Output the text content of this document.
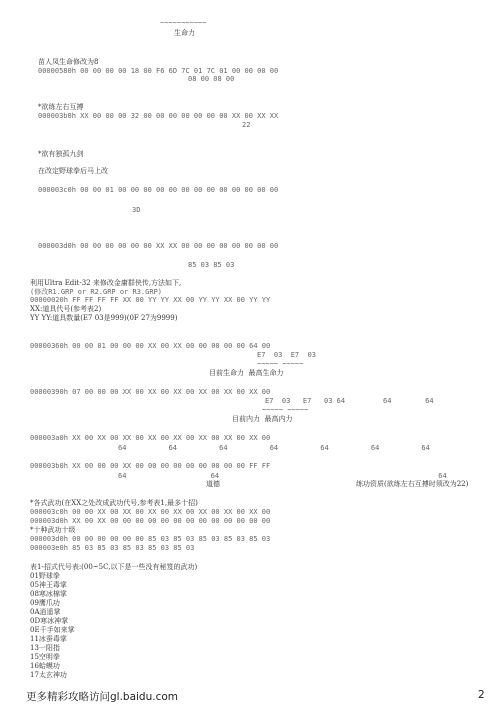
~~~~~~~~~~~
生命力
苗人凤生命修改为8
00000580h 00 00 00 00 18 00 F6 6D 7C 01 7C 01 00 00 00 00
08 00 08 00
*欲练左右互搏
000003b0h XX 00 00 00 32 00 00 00 00 00 00 00 XX 00 XX XX
22
*欲有独孤九剑
在改定野球拳后马上改
000003c0h 00 00 01 00 00 00 00 00 00 00 00 00 00 00 00 00
3D
000003d0h 00 00 00 00 00 00 XX XX 00 00 00 00 00 00 00 00
85 03 85 03
利用Ultra Edit-32 来修改金庸群侠传,方法如下,
(修改R1.GRP or R2.GRP or R3.GRP)
00000020h FF FF FF FF XX 00 YY YY XX 00 YY YY XX 00 YY YY
XX:道具代号(参考表2)
YY YY:道具数量(E7 03是999)(0F 27为9999)
00000360h 00 00 01 00 00 00 XX 00 XX 00 00 00 00 00 64 00
E7  03  E7  03
~~~~~ ~~~~~
目前生命力  最高生命力
00000390h 07 00 00 00 XX 00 XX 00 XX 00 XX 00 XX 00 XX 00
E7  03   E7   03 64         64        64
~~~~~ ~~~~~
目前内力  最高内力
000003a0h XX 00 XX 00 XX 00 XX 00 XX 00 XX 00 XX 00 XX 00
64          64          64          64          64          64          64
000003b0h XX 00 00 00 XX 00 00 00 00 00 00 00 00 00 FF FF
64                    64                                                    64
道德	练功资质(欲练左右互搏时须改为22)
*各式武功(在XX之处改成武功代号,参考表1,最多十招)
000003c0h 00 00 XX 00 XX 00 XX 00 XX 00 XX 00 XX 00 XX 00
000003d0h XX 00 XX 00 00 00 00 00 00 00 00 00 00 00 00 00
*十种武功十级
000003d0h 00 00 00 00 00 00 85 03 85 03 85 03 85 03 85 03
000003e0h 85 03 85 03 85 03 85 03 85 03
表1-招式代号表:(00~5C,以下是一些没有秘笈的武功)
01野球拳
05神王毒掌
08寒冰棉掌
09鹰爪功
0A逍遥掌
0D寒冰神掌
0E千手如来掌
11冰蚕毒掌
13一阳指
15空明拳
16蛤蟆功
17太玄神功
更多精彩攻略访问gl.baidu.com	2
